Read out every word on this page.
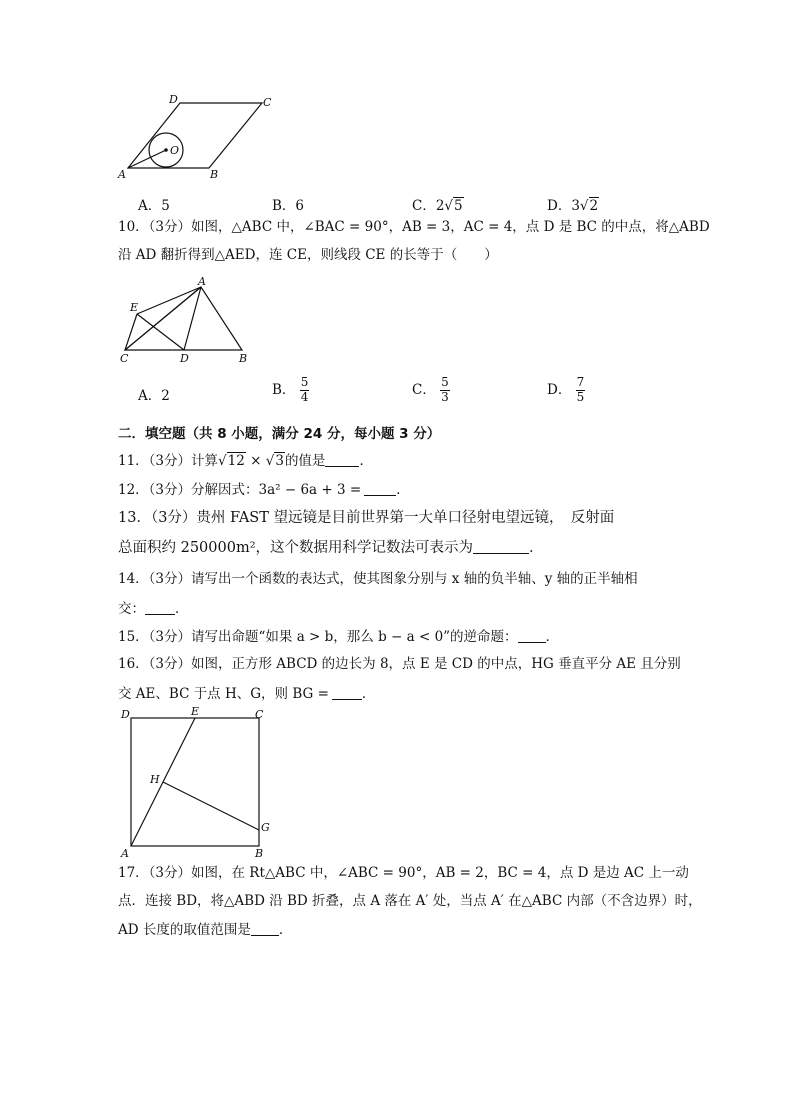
A	B
C
D
O
A．5	B．6	C．2√5	D．3√2
10．（3分）如图，△ABC 中，∠BAC = 90°，AB = 3，AC = 4，点 D 是 BC 的中点，将△ABD
沿 AD 翻折得到△AED，连 CE，则线段 CE 的长等于（　　）
A
B
C	D
E
A．2	B． $\frac{5}{4}$	C． $\frac{5}{3}$	D． $\frac{7}{5}$
二．填空题（共 8 小题，满分 24 分，每小题 3 分）
11．（3分）计算√12 × √3的值是	．
12．（3分）分解因式：3a² − 6a + 3 =	．
13．（3分）贵州 FAST 望远镜是目前世界第一大单口径射电望远镜，　反射面
总面积约 250000m²，这个数据用科学记数法可表示为	．
14．（3分）请写出一个函数的表达式，使其图象分别与 x 轴的负半轴、y 轴的正半轴相
交： ．
15．（3分）请写出命题“如果 a > b，那么 b − a < 0”的逆命题： ．
16．（3分）如图，正方形 ABCD 的边长为 8，点 E 是 CD 的中点，HG 垂直平分 AE 且分别
交 AE、BC 于点 H、G，则 BG = ．
A	B
C
D	E
G
H
17．（3分）如图，在 Rt△ABC 中，∠ABC = 90°，AB = 2，BC = 4，点 D 是边 AC 上一动
点．连接 BD，将△ABD 沿 BD 折叠，点 A 落在 A′ 处，当点 A′ 在△ABC 内部（不含边界）时，
AD 长度的取值范围是 ．
